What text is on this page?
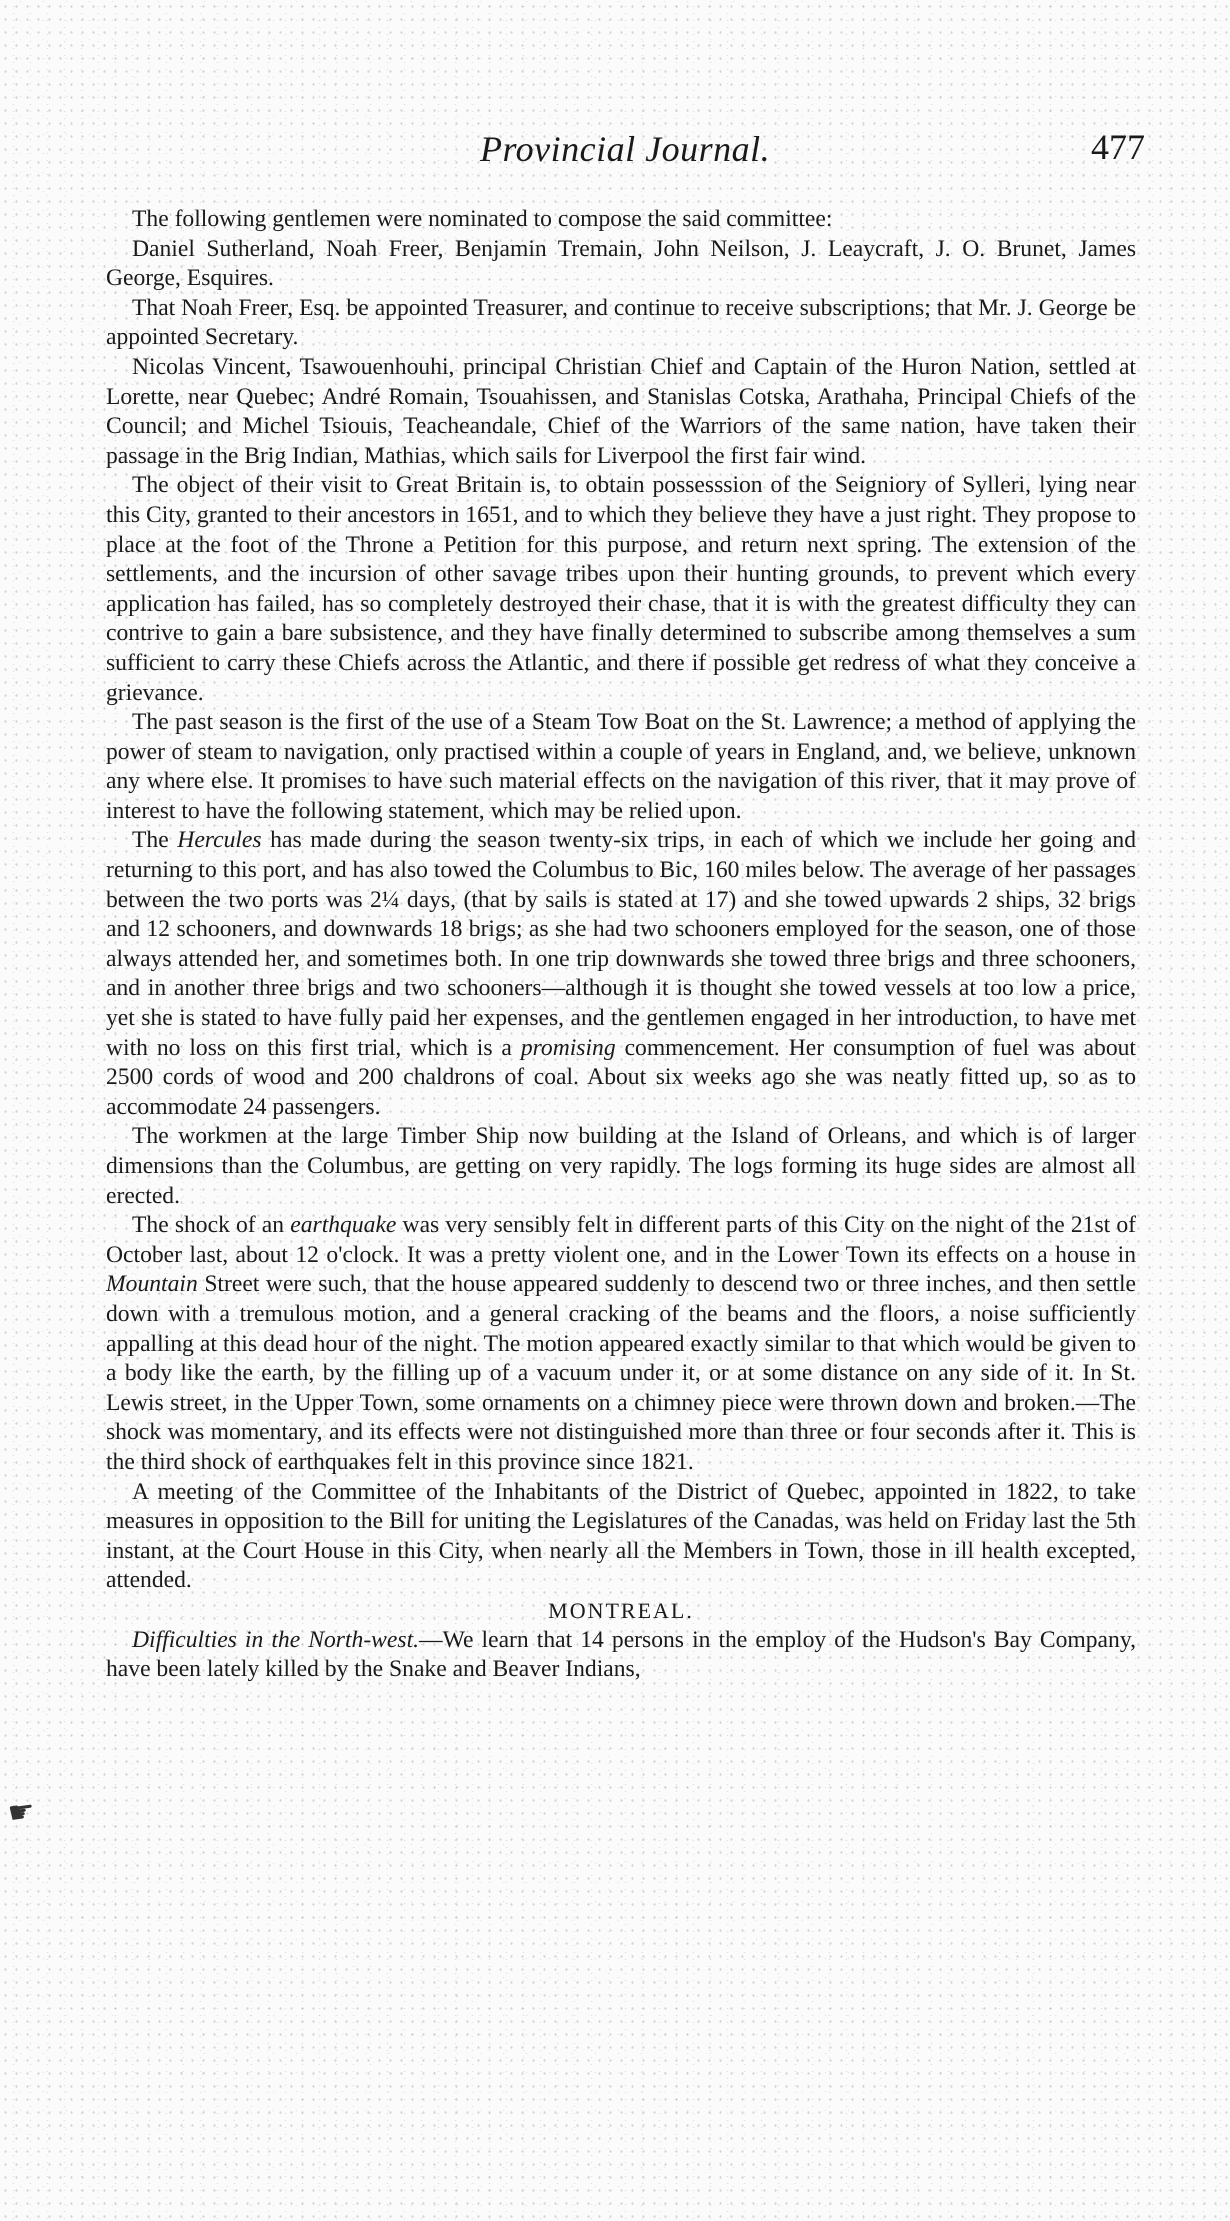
Provincial Journal.	477

The following gentlemen were nominated to compose the said committee:

Daniel Sutherland, Noah Freer, Benjamin Tremain, John Neilson, J. Leaycraft, J. O. Brunet, James George, Esquires.

That Noah Freer, Esq. be appointed Treasurer, and continue to receive subscriptions; that Mr. J. George be appointed Secretary.

Nicolas Vincent, Tsawouenhouhi, principal Christian Chief and Captain of the Huron Nation, settled at Lorette, near Quebec; André Romain, Tsouahissen, and Stanislas Cotska, Arathaha, Principal Chiefs of the Council; and Michel Tsiouis, Teacheandale, Chief of the Warriors of the same nation, have taken their passage in the Brig Indian, Mathias, which sails for Liverpool the first fair wind.

The object of their visit to Great Britain is, to obtain possesssion of the Seigniory of Sylleri, lying near this City, granted to their ancestors in 1651, and to which they believe they have a just right. They propose to place at the foot of the Throne a Petition for this purpose, and return next spring. The extension of the settlements, and the incursion of other savage tribes upon their hunting grounds, to prevent which every application has failed, has so completely destroyed their chase, that it is with the greatest difficulty they can contrive to gain a bare subsistence, and they have finally determined to subscribe among themselves a sum sufficient to carry these Chiefs across the Atlantic, and there if possible get redress of what they conceive a grievance.

The past season is the first of the use of a Steam Tow Boat on the St. Lawrence; a method of applying the power of steam to navigation, only practised within a couple of years in England, and, we believe, unknown any where else. It promises to have such material effects on the navigation of this river, that it may prove of interest to have the following statement, which may be relied upon.

The Hercules has made during the season twenty-six trips, in each of which we include her going and returning to this port, and has also towed the Columbus to Bic, 160 miles below. The average of her passages between the two ports was 2¼ days, (that by sails is stated at 17) and she towed upwards 2 ships, 32 brigs and 12 schooners, and downwards 18 brigs; as she had two schooners employed for the season, one of those always attended her, and sometimes both. In one trip downwards she towed three brigs and three schooners, and in another three brigs and two schooners—although it is thought she towed vessels at too low a price, yet she is stated to have fully paid her expenses, and the gentlemen engaged in her introduction, to have met with no loss on this first trial, which is a promising commencement. Her consumption of fuel was about 2500 cords of wood and 200 chaldrons of coal. About six weeks ago she was neatly fitted up, so as to accommodate 24 passengers.

The workmen at the large Timber Ship now building at the Island of Orleans, and which is of larger dimensions than the Columbus, are getting on very rapidly. The logs forming its huge sides are almost all erected.

The shock of an earthquake was very sensibly felt in different parts of this City on the night of the 21st of October last, about 12 o'clock. It was a pretty violent one, and in the Lower Town its effects on a house in Mountain Street were such, that the house appeared suddenly to descend two or three inches, and then settle down with a tremulous motion, and a general cracking of the beams and the floors, a noise sufficiently appalling at this dead hour of the night. The motion appeared exactly similar to that which would be given to a body like the earth, by the filling up of a vacuum under it, or at some distance on any side of it. In St. Lewis street, in the Upper Town, some ornaments on a chimney piece were thrown down and broken.—The shock was momentary, and its effects were not distinguished more than three or four seconds after it. This is the third shock of earthquakes felt in this province since 1821.

A meeting of the Committee of the Inhabitants of the District of Quebec, appointed in 1822, to take measures in opposition to the Bill for uniting the Legislatures of the Canadas, was held on Friday last the 5th instant, at the Court House in this City, when nearly all the Members in Town, those in ill health excepted, attended.

MONTREAL.

Difficulties in the North-west.—We learn that 14 persons in the employ of the Hudson's Bay Company, have been lately killed by the Snake and Beaver Indians,

☛
